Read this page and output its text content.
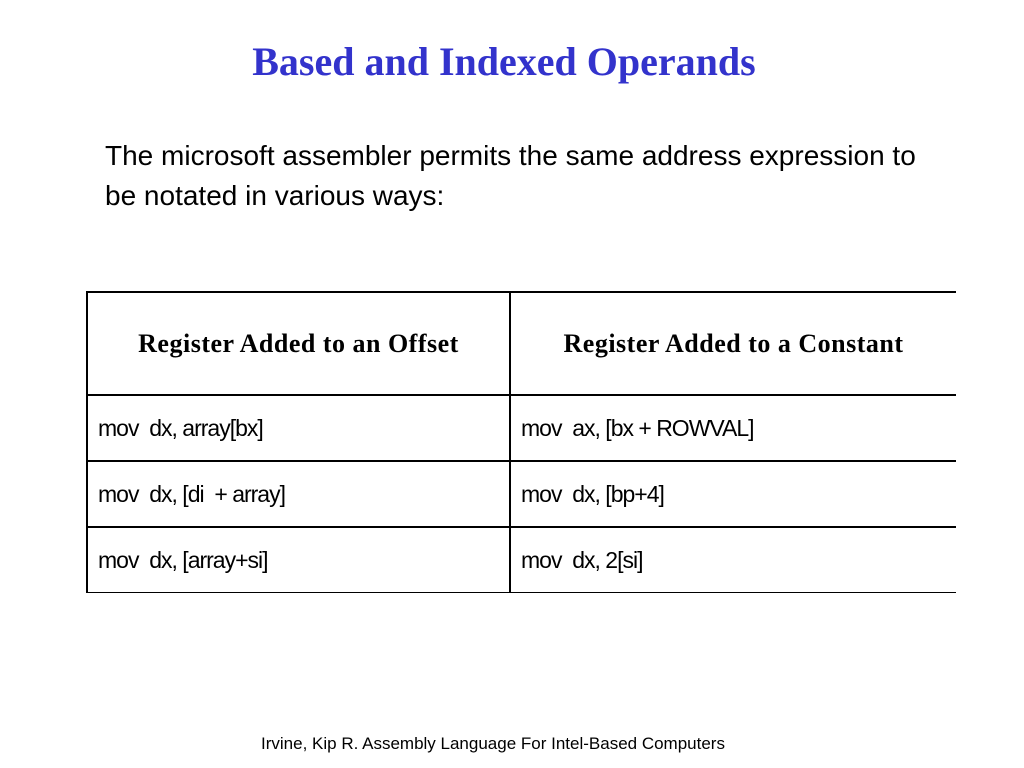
Based and Indexed Operands
The microsoft assembler permits the same address expression to be notated in various ways:
Register Added to an Offset	Register Added to a Constant
mov  dx, array[bx]	mov  ax, [bx + ROWVAL]
mov  dx, [di  + array]	mov  dx, [bp+4]
mov  dx, [array+si]	mov  dx, 2[si]
Irvine, Kip R. Assembly Language For Intel-Based Computers
